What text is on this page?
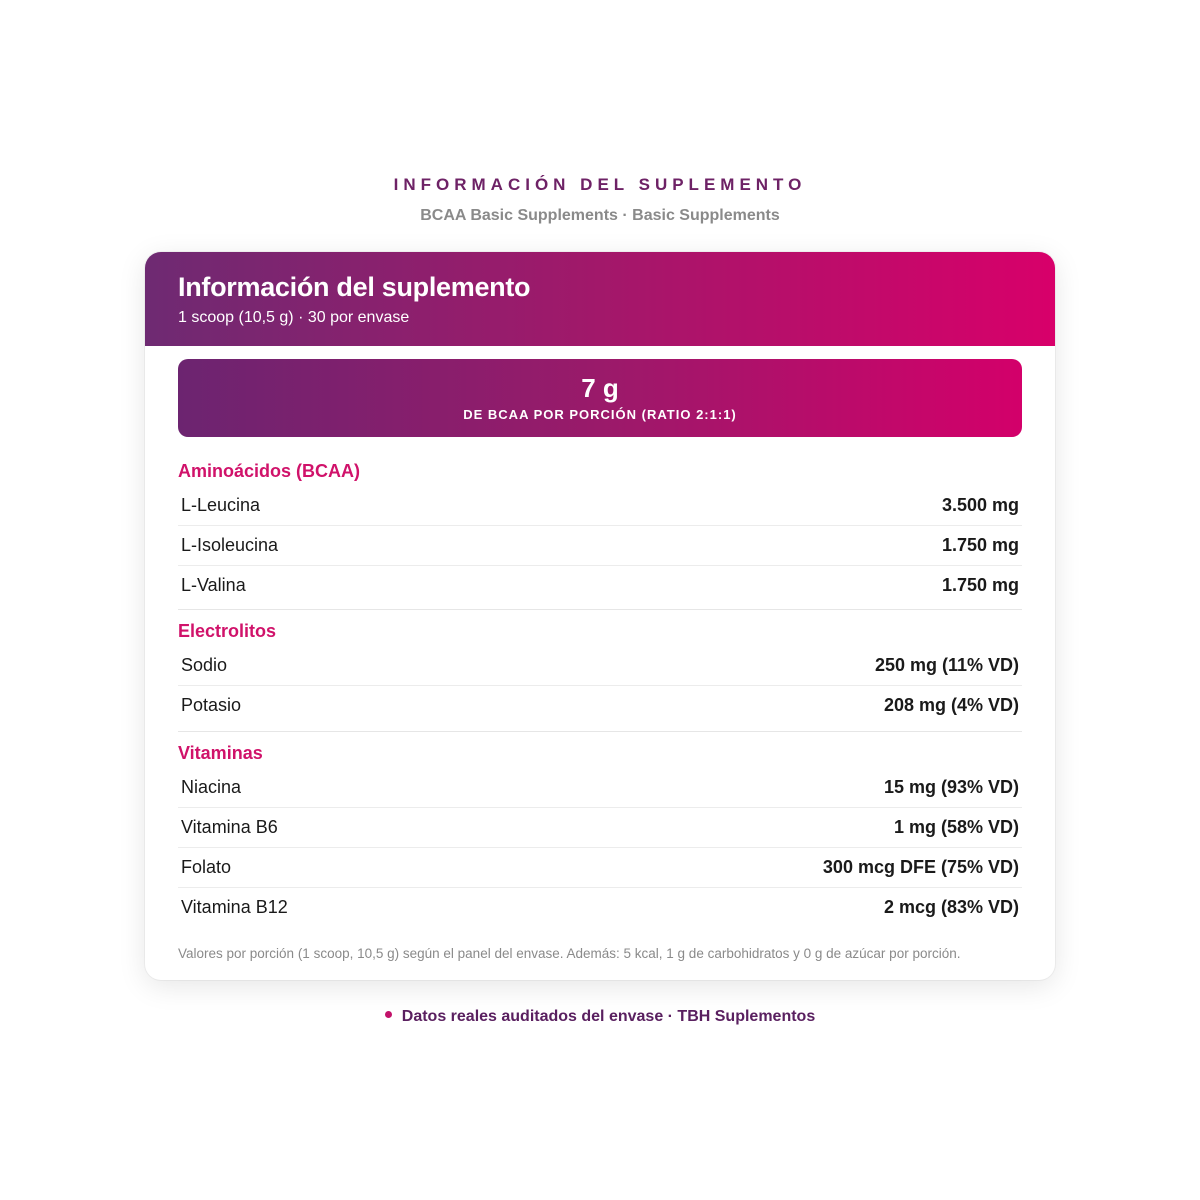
INFORMACIÓN DEL SUPLEMENTO
BCAA Basic Supplements · Basic Supplements
Información del suplemento
1 scoop (10,5 g) · 30 por envase
7 g
DE BCAA POR PORCIÓN (RATIO 2:1:1)
Aminoácidos (BCAA)
L-Leucina	3.500 mg
L-Isoleucina	1.750 mg
L-Valina	1.750 mg
Electrolitos
Sodio	250 mg (11% VD)
Potasio	208 mg (4% VD)
Vitaminas
Niacina	15 mg (93% VD)
Vitamina B6	1 mg (58% VD)
Folato	300 mcg DFE (75% VD)
Vitamina B12	2 mcg (83% VD)
Valores por porción (1 scoop, 10,5 g) según el panel del envase. Además: 5 kcal, 1 g de carbohidratos y 0 g de azúcar por porción.
Datos reales auditados del envase · TBH Suplementos
